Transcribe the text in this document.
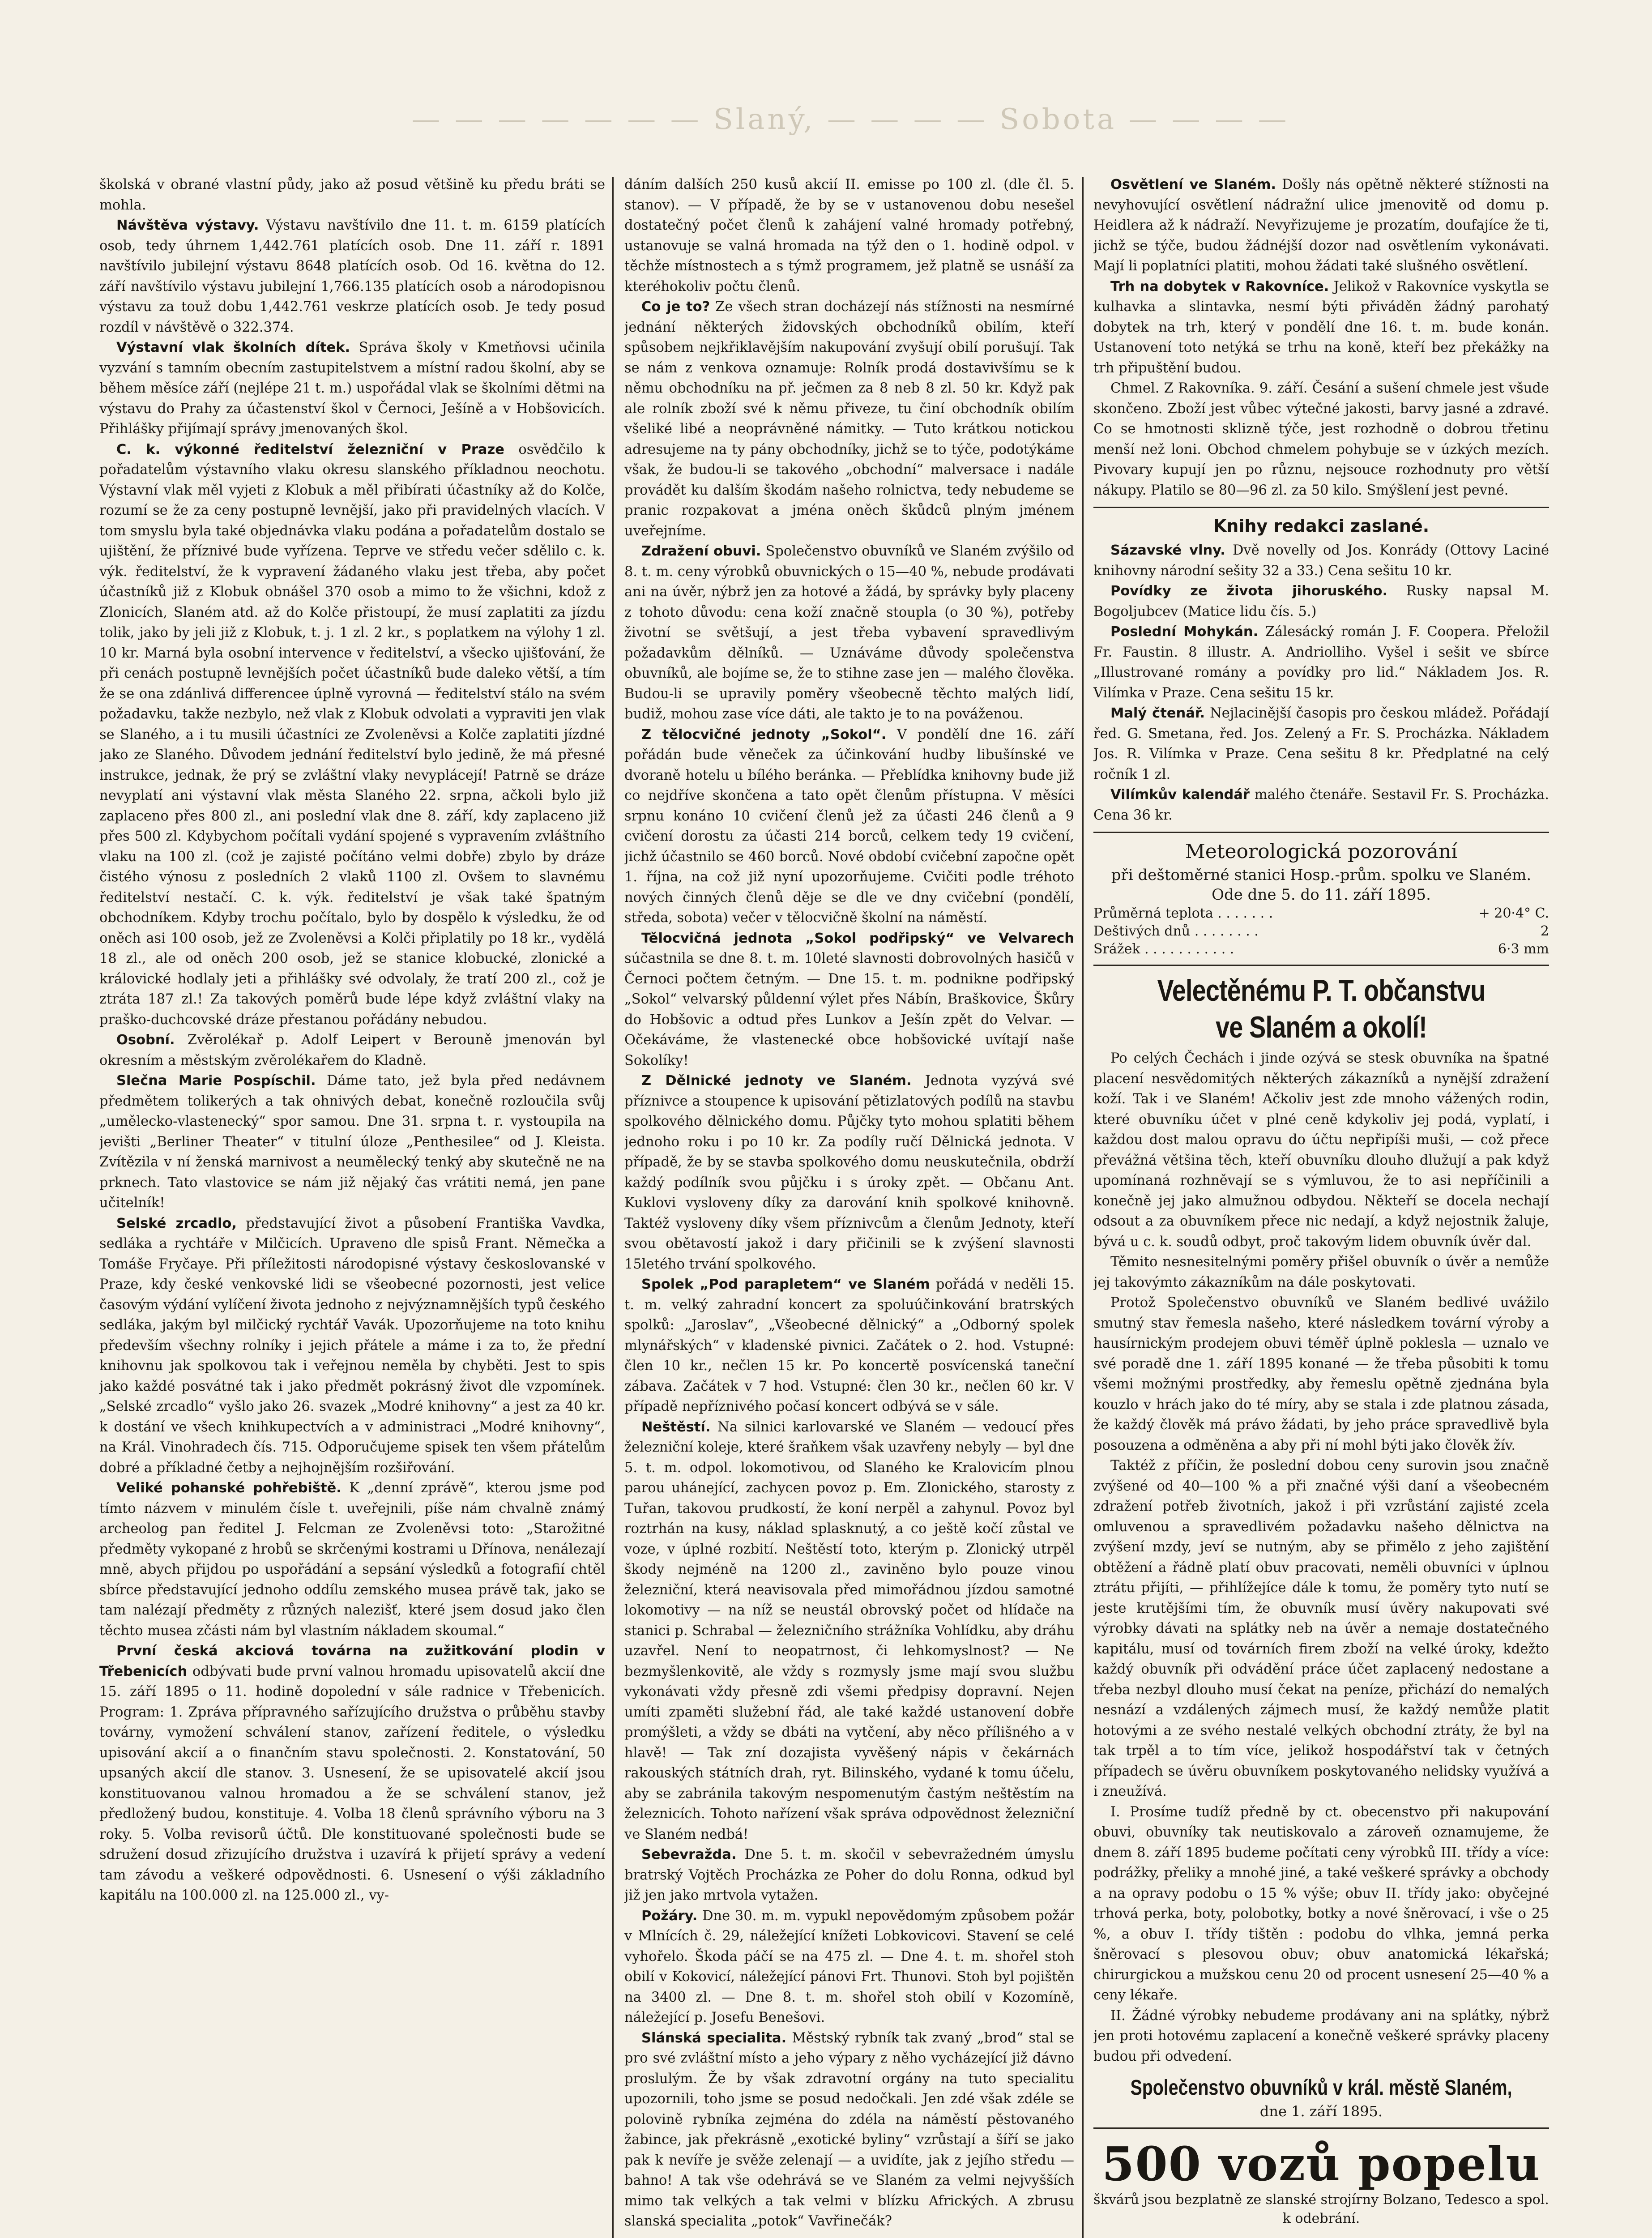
— — — — — — — Slaný, — — — — Sobota — — — —

školská v obrané vlastní půdy, jako až posud většině ku předu bráti se mohla.

Návštěva výstavy. Výstavu navštívilo dne 11. t. m. 6159 platících osob, tedy úhrnem 1,442.761 platících osob. Dne 11. září r. 1891 navštívilo jubilejní výstavu 8648 platících osob. Od 16. května do 12. září navštívilo výstavu jubilejní 1,766.135 platících osob a národopisnou výstavu za touž dobu 1,442.761 veskrze platících osob. Je tedy posud rozdíl v návštěvě o 322.374.

Výstavní vlak školních dítek. Správa školy v Kmetňovsi učinila vyzvání s tamním obecním zastupitelstvem a místní radou školní, aby se během měsíce září (nejlépe 21 t. m.) uspořádal vlak se školními dětmi na výstavu do Prahy za účastenství škol v Černoci, Ješíně a v Hobšovicích. Přihlášky přijímají správy jmenovaných škol.

C. k. výkonné ředitelství železniční v Praze osvědčilo k pořadatelům výstavního vlaku okresu slanského příkladnou neochotu. Výstavní vlak měl vyjeti z Klobuk a měl přibírati účastníky až do Kolče, rozumí se že za ceny postupně levnější, jako při pravidelných vlacích. V tom smyslu byla také objednávka vlaku podána a pořadatelům dostalo se ujištění, že příznivé bude vyřízena. Teprve ve středu večer sdělilo c. k. výk. ředitelství, že k vypravení žádaného vlaku jest třeba, aby počet účastníků již z Klobuk obnášel 370 osob a mimo to že všichni, kdož z Zlonicích, Slaném atd. až do Kolče přistoupí, že musí zaplatiti za jízdu tolik, jako by jeli již z Klobuk, t. j. 1 zl. 2 kr., s poplatkem na výlohy 1 zl. 10 kr. Marná byla osobní intervence v ředitelství, a všecko ujišťování, že při cenách postupně levnějších počet účastníků bude daleko větší, a tím že se ona zdánlivá differencee úplně vyrovná — ředitelství stálo na svém požadavku, takže nezbylo, než vlak z Klobuk odvolati a vypraviti jen vlak se Slaného, a i tu musili účastníci ze Zvoleněvsi a Kolče zaplatiti jízdné jako ze Slaného. Důvodem jednání ředitelství bylo jedině, že má přesné instrukce, jednak, že prý se zvláštní vlaky nevyplácejí! Patrně se dráze nevyplatí ani výstavní vlak města Slaného 22. srpna, ačkoli bylo již zaplaceno přes 800 zl., ani poslední vlak dne 8. září, kdy zaplaceno již přes 500 zl. Kdybychom počítali vydání spojené s vypravením zvláštního vlaku na 100 zl. (což je zajisté počítáno velmi dobře) zbylo by dráze čistého výnosu z posledních 2 vlaků 1100 zl. Ovšem to slavnému ředitelství nestačí. C. k. výk. ředitelství je však také špatným obchodníkem. Kdyby trochu počítalo, bylo by dospělo k výsledku, že od oněch asi 100 osob, jež ze Zvoleněvsi a Kolči připlatily po 18 kr., vydělá 18 zl., ale od oněch 200 osob, jež se stanice klobucké, zlonické a královické hodlaly jeti a přihlášky své odvolaly, že tratí 200 zl., což je ztráta 187 zl.! Za takových poměrů bude lépe když zvláštní vlaky na praško-duchcovské dráze přestanou pořádány nebudou.

Osobní. Zvěrolékař p. Adolf Leipert v Berouně jmenován byl okresním a městským zvěrolékařem do Kladně.

Slečna Marie Pospíschil. Dáme tato, jež byla před nedávnem předmětem tolikerých a tak ohnivých debat, konečně rozloučila svůj „umělecko-vlastenecký“ spor samou. Dne 31. srpna t. r. vystoupila na jevišti „Berliner Theater“ v titulní úloze „Penthesilee“ od J. Kleista. Zvítězila v ní ženská marnivost a neumělecký tenký aby skutečně ne na prknech. Tato vlastovice se nám již nějaký čas vrátiti nemá, jen pane učitelník!

Selské zrcadlo, představující život a působení Františka Vavdka, sedláka a rychtáře v Milčicích. Upraveno dle spisů Frant. Němečka a Tomáše Fryčaye. Při příležitosti národopisné výstavy českoslovanské v Praze, kdy české venkovské lidi se všeobecné pozornosti, jest velice časovým výdání vylíčení života jednoho z nejvýznamnějších typů českého sedláka, jakým byl milčický rychtář Vavák. Upozorňujeme na toto knihu především všechny rolníky i jejich přátele a máme i za to, že přední knihovnu jak spolkovou tak i veřejnou neměla by chyběti. Jest to spis jako každé posvátné tak i jako předmět pokrásný život dle vzpomínek. „Selské zrcadlo“ vyšlo jako 26. svazek „Modré knihovny“ a jest za 40 kr. k dostání ve všech knihkupectvích a v administraci „Modré knihovny“, na Král. Vinohradech čís. 715. Odporučujeme spisek ten všem přátelům dobré a příkladné četby a nejhojnějším rozšiřování.

Veliké pohanské pohřebiště. K „denní zprávě“, kterou jsme pod tímto názvem v minulém čísle t. uveřejnili, píše nám chvalně známý archeolog pan ředitel J. Felcman ze Zvoleněvsi toto: „Starožitné předměty vykopané z hrobů se skrčenými kostrami u Dřínova, nenálezají mně, abych přijdou po uspořádání a sepsání výsledků a fotografií chtěl sbírce představující jednoho oddílu zemského musea právě tak, jako se tam nalézají předměty z různých nalezišť, které jsem dosud jako člen těchto musea zčásti nám byl vlastním nákladem skoumal.“

První česká akciová továrna na zužitkování plodin v Třebenicích odbývati bude první valnou hromadu upisovatelů akcií dne 15. září 1895 o 11. hodině dopolední v sále radnice v Třebenicích. Program: 1. Zpráva přípravného sařízujícího družstva o průběhu stavby továrny, vymožení schválení stanov, zařízení ředitele, o výsledku upisování akcií a o finančním stavu společnosti. 2. Konstatování, 50 upsaných akcií dle stanov. 3. Usnesení, že se upisovatelé akcií jsou konstituovanou valnou hromadou a že se schválení stanov, jež předložený budou, konstituje. 4. Volba 18 členů správního výboru na 3 roky. 5. Volba revisorů účtů. Dle konstituované společnosti bude se sdružení dosud zřizujícího družstva i uzavírá k přijetí správy a vedení tam závodu a veškeré odpovědnosti. 6. Usnesení o výši základního kapitálu na 100.000 zl. na 125.000 zl., vy-

dáním dalších 250 kusů akcií II. emisse po 100 zl. (dle čl. 5. stanov). — V případě, že by se v ustanovenou dobu nesešel dostatečný počet členů k zahájení valné hromady potřebný, ustanovuje se valná hromada na týž den o 1. hodině odpol. v těchže místnostech a s týmž programem, jež platně se usnáší za kteréhokoliv počtu členů.

Co je to? Ze všech stran docházejí nás stížnosti na nesmírné jednání některých židovských obchodníků obilím, kteří spůsobem nejkřiklavějším nakupování zvyšují obilí porušují. Tak se nám z venkova oznamuje: Rolník prodá dostavivšímu se k němu obchodníku na př. ječmen za 8 neb 8 zl. 50 kr. Když pak ale rolník zboží své k němu přiveze, tu činí obchodník obilím všeliké libé a neoprávněné námitky. — Tuto krátkou notickou adresujeme na ty pány obchodníky, jichž se to týče, podotýkáme však, že budou-li se takového „obchodní“ malversace i nadále provádět ku dalším škodám našeho rolnictva, tedy nebudeme se pranic rozpakovat a jména oněch škůdců plným jménem uveřejníme.

Zdražení obuvi. Společenstvo obuvníků ve Slaném zvýšilo od 8. t. m. ceny výrobků obuvnických o 15—40 %, nebude prodávati ani na úvěr, nýbrž jen za hotové a žádá, by správky byly placeny z tohoto důvodu: cena koží značně stoupla (o 30 %), potřeby životní se světšují, a jest třeba vybavení spravedlivým požadavkům dělníků. — Uznáváme důvody společenstva obuvníků, ale bojíme se, že to stihne zase jen — malého člověka. Budou-li se upravily poměry všeobecně těchto malých lidí, budiž, mohou zase více dáti, ale takto je to na pováženou.

Z tělocvičné jednoty „Sokol“. V pondělí dne 16. září pořádán bude věneček za účinkování hudby libušínské ve dvoraně hotelu u bílého beránka. — Přeblídka knihovny bude již co nejdříve skončena a tato opět členům přístupna. V měsíci srpnu konáno 10 cvičení členů jež za účasti 246 členů a 9 cvičení dorostu za účasti 214 borců, celkem tedy 19 cvičení, jichž účastnilo se 460 borců. Nové období cvičební započne opět 1. října, na což již nyní upozorňujeme. Cvičiti podle tréhoto nových činných členů děje se dle ve dny cvičební (pondělí, středa, sobota) večer v tělocvičně školní na náměstí.

Tělocvičná jednota „Sokol podřipský“ ve Velvarech súčastnila se dne 8. t. m. 10leté slavnosti dobrovolných hasičů v Černoci počtem četným. — Dne 15. t. m. podnikne podřipský „Sokol“ velvarský půldenní výlet přes Nábín, Braškovice, Škůry do Hobšovic a odtud přes Lunkov a Ješín zpět do Velvar. — Očekáváme, že vlastenecké obce hobšovické uvítají naše Sokolíky!

Z Dělnické jednoty ve Slaném. Jednota vyzývá své příznivce a stoupence k upisování pětizlatových podílů na stavbu spolkového dělnického domu. Půjčky tyto mohou splatiti během jednoho roku i po 10 kr. Za podíly ručí Dělnická jednota. V případě, že by se stavba spolkového domu neuskutečnila, obdrží každý podílník svou půjčku i s úroky zpět. — Občanu Ant. Kuklovi vysloveny díky za darování knih spolkové knihovně. Taktéž vysloveny díky všem příznivcům a členům Jednoty, kteří svou obětavostí jakož i dary přičinili se k zvýšení slavnosti 15letého trvání spolkového.

Spolek „Pod parapletem“ ve Slaném pořádá v neděli 15. t. m. velký zahradní koncert za spoluúčinkování bratrských spolků: „Jaroslav“, „Všeobecné dělnický“ a „Odborný spolek mlynářských“ v kladenské pivnici. Začátek o 2. hod. Vstupné: člen 10 kr., nečlen 15 kr. Po koncertě posvícenská taneční zábava. Začátek v 7 hod. Vstupné: člen 30 kr., nečlen 60 kr. V případě nepříznivého počasí koncert odbývá se v sále.

Neštěstí. Na silnici karlovarské ve Slaném — vedoucí přes železniční koleje, které šraňkem však uzavřeny nebyly — byl dne 5. t. m. odpol. lokomotivou, od Slaného ke Kralovicím plnou parou uhánející, zachycen povoz p. Em. Zlonického, starosty z Tuřan, takovou prudkostí, že koní nerpěl a zahynul. Povoz byl roztrhán na kusy, náklad splasknutý, a co ještě kočí zůstal ve voze, v úplné rozbití. Neštěstí toto, kterým p. Zlonický utrpěl škody nejméně na 1200 zl., zaviněno bylo pouze vinou železniční, která neavisovala před mimořádnou jízdou samotné lokomotivy — na níž se neustál obrovský počet od hlídače na stanici p. Schrabal — železničního strážníka Vohlídku, aby dráhu uzavřel. Není to neopatrnost, či lehkomyslnost? — Ne bezmyšlenkovitě, ale vždy s rozmysly jsme mají svou službu vykonávati vždy přesně zdi všemi předpisy dopravní. Nejen umíti zpaměti služební řád, ale také každé ustanovení dobře promýšleti, a vždy se dbáti na vytčení, aby něco přílišného a v hlavě! — Tak zní dozajista vyvěšený nápis v čekárnách rakouských státních drah, ryt. Bilinského, vydané k tomu účelu, aby se zabránila takovým nespomenutým častým neštěstím na železnicích. Tohoto nařízení však správa odpovědnost železniční ve Slaném nedbá!

Sebevražda. Dne 5. t. m. skočil v sebevražedném úmyslu bratrský Vojtěch Procházka ze Poher do dolu Ronna, odkud byl již jen jako mrtvola vytažen.

Požáry. Dne 30. m. m. vypukl nepovědomým způsobem požár v Mlnících č. 29, náležející knížeti Lobkovicovi. Stavení se celé vyhořelo. Škoda páčí se na 475 zl. — Dne 4. t. m. shořel stoh obilí v Kokovicí, náležející pánovi Frt. Thunovi. Stoh byl pojištěn na 3400 zl. — Dne 8. t. m. shořel stoh obilí v Kozomíně, náležející p. Josefu Benešovi.

Slánská specialita. Městský rybník tak zvaný „brod“ stal se pro své zvláštní místo a jeho výpary z něho vycházející již dávno proslulým. Že by však zdravotní orgány na tuto specialitu upozornili, toho jsme se posud nedočkali. Jen zdé však zdéle se polovině rybníka zejména do zdéla na náměstí pěstovaného žabince, jak překrásně „exotické byliny“ vzrůstají a šíří se jako pak k nevíře je svěže zelenají — a uvidíte, jak z jejího středu — bahno! A tak vše odehrává se ve Slaném za velmi nejvyšších mimo tak velkých a tak velmi v blízku Afrických. A zbrusu slanská specialita „potok“ Vavřinečák?

Osvětlení ve Slaném. Došly nás opětně některé stížnosti na nevyhovující osvětlení nádražní ulice jmenovitě od domu p. Heidlera až k nádraží. Nevyřizujeme je prozatím, doufajíce že ti, jichž se týče, budou žádnéjší dozor nad osvětlením vykonávati. Mají li poplatníci platiti, mohou žádati také slušného osvětlení.

Trh na dobytek v Rakovníce. Jelikož v Rakovníce vyskytla se kulhavka a slintavka, nesmí býti přiváděn žádný parohatý dobytek na trh, který v pondělí dne 16. t. m. bude konán. Ustanovení toto netýká se trhu na koně, kteří bez překážky na trh připuštění budou.

Chmel. Z Rakovníka. 9. září. Česání a sušení chmele jest všude skončeno. Zboží jest vůbec výtečné jakosti, barvy jasné a zdravé. Co se hmotnosti sklizně týče, jest rozhodně o dobrou třetinu menší než loni. Obchod chmelem pohybuje se v úzkých mezích. Pivovary kupují jen po různu, nejsouce rozhodnuty pro větší nákupy. Platilo se 80—96 zl. za 50 kilo. Smýšlení jest pevné.

Knihy redakci zaslané.

Sázavské vlny. Dvě novelly od Jos. Konrády (Ottovy Laciné knihovny národní sešity 32 a 33.) Cena sešitu 10 kr.

Povídky ze života jihoruského. Rusky napsal M. Bogoljubcev (Matice lidu čís. 5.)

Poslední Mohykán. Zálesácký román J. F. Coopera. Přeložil Fr. Faustin. 8 illustr. A. Andriolliho. Vyšel i sešit ve sbírce „Illustrované romány a povídky pro lid.“ Nákladem Jos. R. Vilímka v Praze. Cena sešitu 15 kr.

Malý čtenář. Nejlacinější časopis pro českou mládež. Pořádají řed. G. Smetana, řed. Jos. Zelený a Fr. S. Procházka. Nákladem Jos. R. Vilímka v Praze. Cena sešitu 8 kr. Předplatné na celý ročník 1 zl.

Vilímkův kalendář malého čtenáře. Sestavil Fr. S. Procházka. Cena 36 kr.

Meteorologická pozorování
při deštoměrné stanici Hosp.-prům. spolku ve Slaném.
Ode dne 5. do 11. září 1895.
Průměrná teplota . . . . . . .	+ 20·4° C.
Deštivých dnů . . . . . . . .	2
Srážek . . . . . . . . . . .	6·3 mm
Velectěnému P. T. občanstvu
ve Slaném a okolí!

Po celých Čechách i jinde ozývá se stesk obuvníka na špatné placení nesvědomitých některých zákazníků a nynější zdražení koží. Tak i ve Slaném! Ačkoliv jest zde mnoho vážených rodin, které obuvníku účet v plné ceně kdykoliv jej podá, vyplatí, i každou dost malou opravu do účtu nepřipíši muši, — což přece převážná většina těch, kteří obuvníku dlouho dlužují a pak když upomínaná rozhněvají se s výmluvou, že to asi nepříčinili a konečně jej jako almužnou odbydou. Někteří se docela nechají odsout a za obuvníkem přece nic nedají, a když nejostnik žaluje, bývá u c. k. soudů odbyt, proč takovým lidem obuvník úvěr dal.

Těmito nesnesitelnými poměry přišel obuvník o úvěr a nemůže jej takovýmto zákazníkům na dále poskytovati.

Protož Společenstvo obuvníků ve Slaném bedlivé uvážilo smutný stav řemesla našeho, které následkem tovární výroby a hausírnickým prodejem obuvi téměř úplně poklesla — uznalo ve své poradě dne 1. září 1895 konané — že třeba působiti k tomu všemi možnými prostředky, aby řemeslu opětně zjednána byla kouzlo v hrách jako do té míry, aby se stala i zde platnou zásada, že každý člověk má právo žádati, by jeho práce spravedlivě byla posouzena a odměněna a aby při ní mohl býti jako člověk žív.

Taktéž z příčin, že poslední dobou ceny surovin jsou značně zvýšené od 40—100 % a při značné výši daní a všeobecném zdražení potřeb životních, jakož i při vzrůstání zajisté zcela omluvenou a spravedlivém požadavku našeho dělnictva na zvýšení mzdy, jeví se nutným, aby se přimělo z jeho zajištění obtěžení a řádně platí obuv pracovati, neměli obuvníci v úplnou ztrátu přijíti, — přihlížejíce dále k tomu, že poměry tyto nutí se jeste krutějšími tím, že obuvník musí úvěry nakupovati své výrobky dávati na splátky neb na úvěr a nemaje dostatečného kapitálu, musí od továrních firem zboží na velké úroky, kdežto každý obuvník při odvádění práce účet zaplacený nedostane a třeba nezbyl dlouho musí čekat na peníze, přichází do nemalých nesnází a vzdálených zájmech musí, že každý nemůže platit hotovými a ze svého nestalé velkých obchodní ztráty, že byl na tak trpěl a to tím více, jelikož hospodářství tak v četných případech se úvěru obuvníkem poskytovaného nelidsky využívá a i zneužívá.

I. Prosíme tudíž předně by ct. obecenstvo při nakupování obuvi, obuvníky tak neutiskovalo a zároveň oznamujeme, že dnem 8. září 1895 budeme počítati ceny výrobků III. třídy a více: podrážky, přeliky a mnohé jiné, a také veškeré správky a obchody a na opravy podobu o 15 % výše; obuv II. třídy jako: obyčejné trhová perka, boty, polobotky, botky a nové šněrovací, i vše o 25 %, a obuv I. třídy tištěn : podobu do vlhka, jemná perka šněrovací s plesovou obuv; obuv anatomická lékařská; chirurgickou a mužskou cenu 20 od procent usnesení 25—40 % a ceny lékaře.

II. Žádné výrobky nebudeme prodávany ani na splátky, nýbrž jen proti hotovému zaplacení a konečně veškeré správky placeny budou při odvedení.

Společenstvo obuvníků v král. městě Slaném,
dne 1. září 1895.
500 vozů popelu
škvárů jsou bezplatně ze slanské strojírny Bolzano, Tedesco a spol. k odebrání.
